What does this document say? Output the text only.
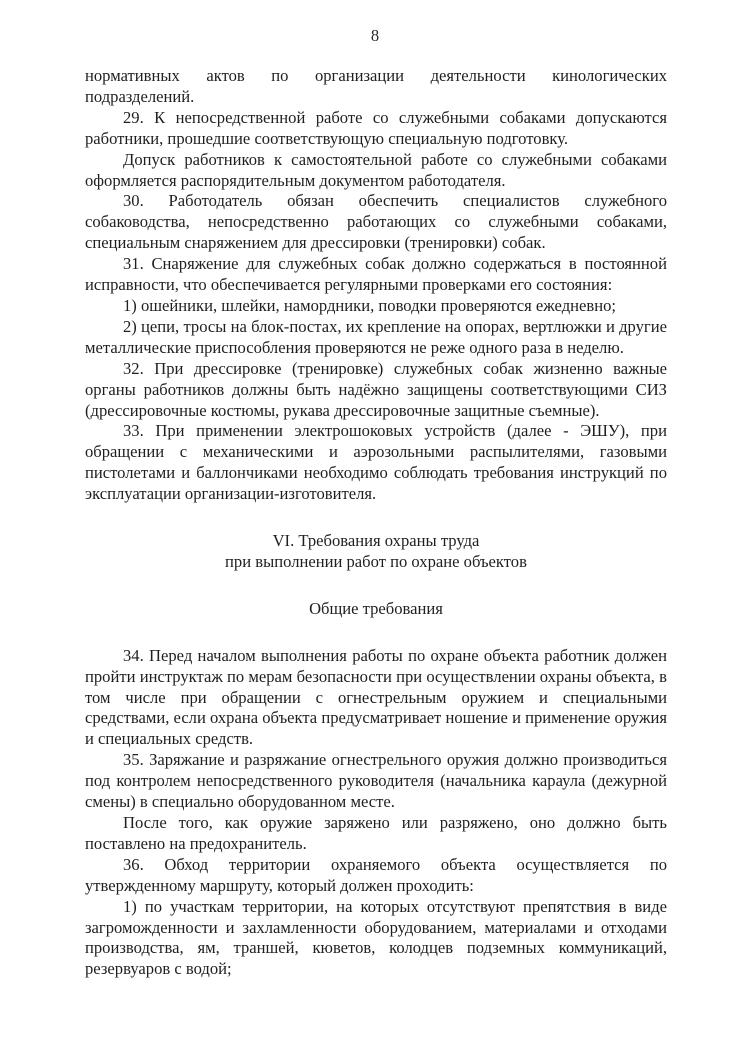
8

нормативных актов по организации деятельности кинологических подразделений.

29. К непосредственной работе со служебными собаками допускаются работники, прошедшие соответствующую специальную подготовку.

Допуск работников к самостоятельной работе со служебными собаками оформляется распорядительным документом работодателя.

30. Работодатель обязан обеспечить специалистов служебного собаководства, непосредственно работающих со служебными собаками, специальным снаряжением для дрессировки (тренировки) собак.

31. Снаряжение для служебных собак должно содержаться в постоянной исправности, что обеспечивается регулярными проверками его состояния:

1) ошейники, шлейки, намордники, поводки проверяются ежедневно;

2) цепи, тросы на блок-постах, их крепление на опорах, вертлюжки и другие металлические приспособления проверяются не реже одного раза в неделю.

32. При дрессировке (тренировке) служебных собак жизненно важные органы работников должны быть надёжно защищены соответствующими СИЗ (дрессировочные костюмы, рукава дрессировочные защитные съемные).

33. При применении электрошоковых устройств (далее - ЭШУ), при обращении с механическими и аэрозольными распылителями, газовыми пистолетами и баллончиками необходимо соблюдать требования инструкций по эксплуатации организации-изготовителя.

VI. Требования охраны труда

при выполнении работ по охране объектов

Общие требования

34. Перед началом выполнения работы по охране объекта работник должен пройти инструктаж по мерам безопасности при осуществлении охраны объекта, в том числе при обращении с огнестрельным оружием и специальными средствами, если охрана объекта предусматривает ношение и применение оружия и специальных средств.

35. Заряжание и разряжание огнестрельного оружия должно производиться под контролем непосредственного руководителя (начальника караула (дежурной смены) в специально оборудованном месте.

После того, как оружие заряжено или разряжено, оно должно быть поставлено на предохранитель.

36. Обход территории охраняемого объекта осуществляется по утвержденному маршруту, который должен проходить:

1) по участкам территории, на которых отсутствуют препятствия в виде загроможденности и захламленности оборудованием, материалами и отходами производства, ям, траншей, кюветов, колодцев подземных коммуникаций, резервуаров с водой;
